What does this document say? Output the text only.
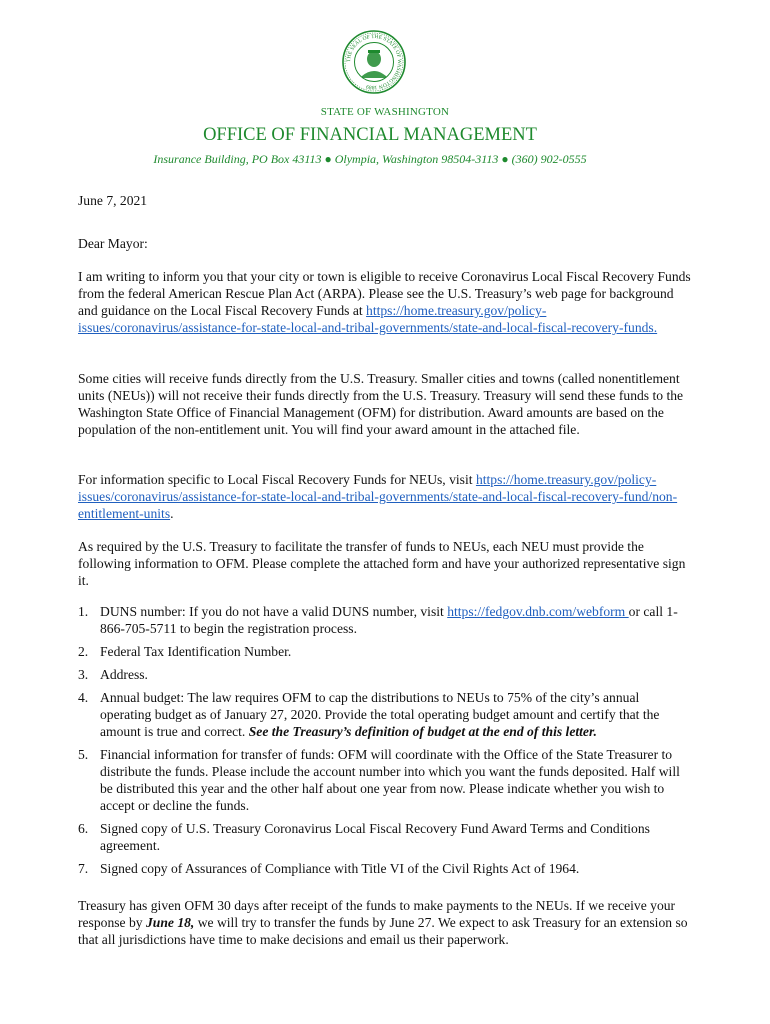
THE SEAL OF THE STATE OF WASHINGTON 1889
STATE OF WASHINGTON
OFFICE OF FINANCIAL MANAGEMENT
Insurance Building, PO Box 43113 ● Olympia, Washington 98504-3113 ● (360) 902-0555
June 7, 2021
Dear Mayor:

I am writing to inform you that your city or town is eligible to receive Coronavirus Local Fiscal Recovery Funds from the federal American Rescue Plan Act (ARPA). Please see the U.S. Treasury’s web page for background and guidance on the Local Fiscal Recovery Funds at https://home.treasury.gov/policy-issues/coronavirus/assistance-for-state-local-and-tribal-governments/state-and-local-fiscal-recovery-funds.

Some cities will receive funds directly from the U.S. Treasury. Smaller cities and towns (called nonentitlement units (NEUs)) will not receive their funds directly from the U.S. Treasury. Treasury will send these funds to the Washington State Office of Financial Management (OFM) for distribution. Award amounts are based on the population of the non-entitlement unit. You will find your award amount in the attached file.

For information specific to Local Fiscal Recovery Funds for NEUs, visit https://home.treasury.gov/policy-issues/coronavirus/assistance-for-state-local-and-tribal-governments/state-and-local-fiscal-recovery-fund/non-entitlement-units.

As required by the U.S. Treasury to facilitate the transfer of funds to NEUs, each NEU must provide the following information to OFM. Please complete the attached form and have your authorized representative sign it.

1. DUNS number: If you do not have a valid DUNS number, visit https://fedgov.dnb.com/webform or call 1-866-705-5711 to begin the registration process.
2. Federal Tax Identification Number.
3. Address.
4. Annual budget: The law requires OFM to cap the distributions to NEUs to 75% of the city’s annual operating budget as of January 27, 2020. Provide the total operating budget amount and certify that the amount is true and correct. See the Treasury’s definition of budget at the end of this letter.
5. Financial information for transfer of funds: OFM will coordinate with the Office of the State Treasurer to distribute the funds. Please include the account number into which you want the funds deposited. Half will be distributed this year and the other half about one year from now. Please indicate whether you wish to accept or decline the funds.
6. Signed copy of U.S. Treasury Coronavirus Local Fiscal Recovery Fund Award Terms and Conditions agreement.
7. Signed copy of Assurances of Compliance with Title VI of the Civil Rights Act of 1964.

Treasury has given OFM 30 days after receipt of the funds to make payments to the NEUs. If we receive your response by June 18, we will try to transfer the funds by June 27. We expect to ask Treasury for an extension so that all jurisdictions have time to make decisions and email us their paperwork.
